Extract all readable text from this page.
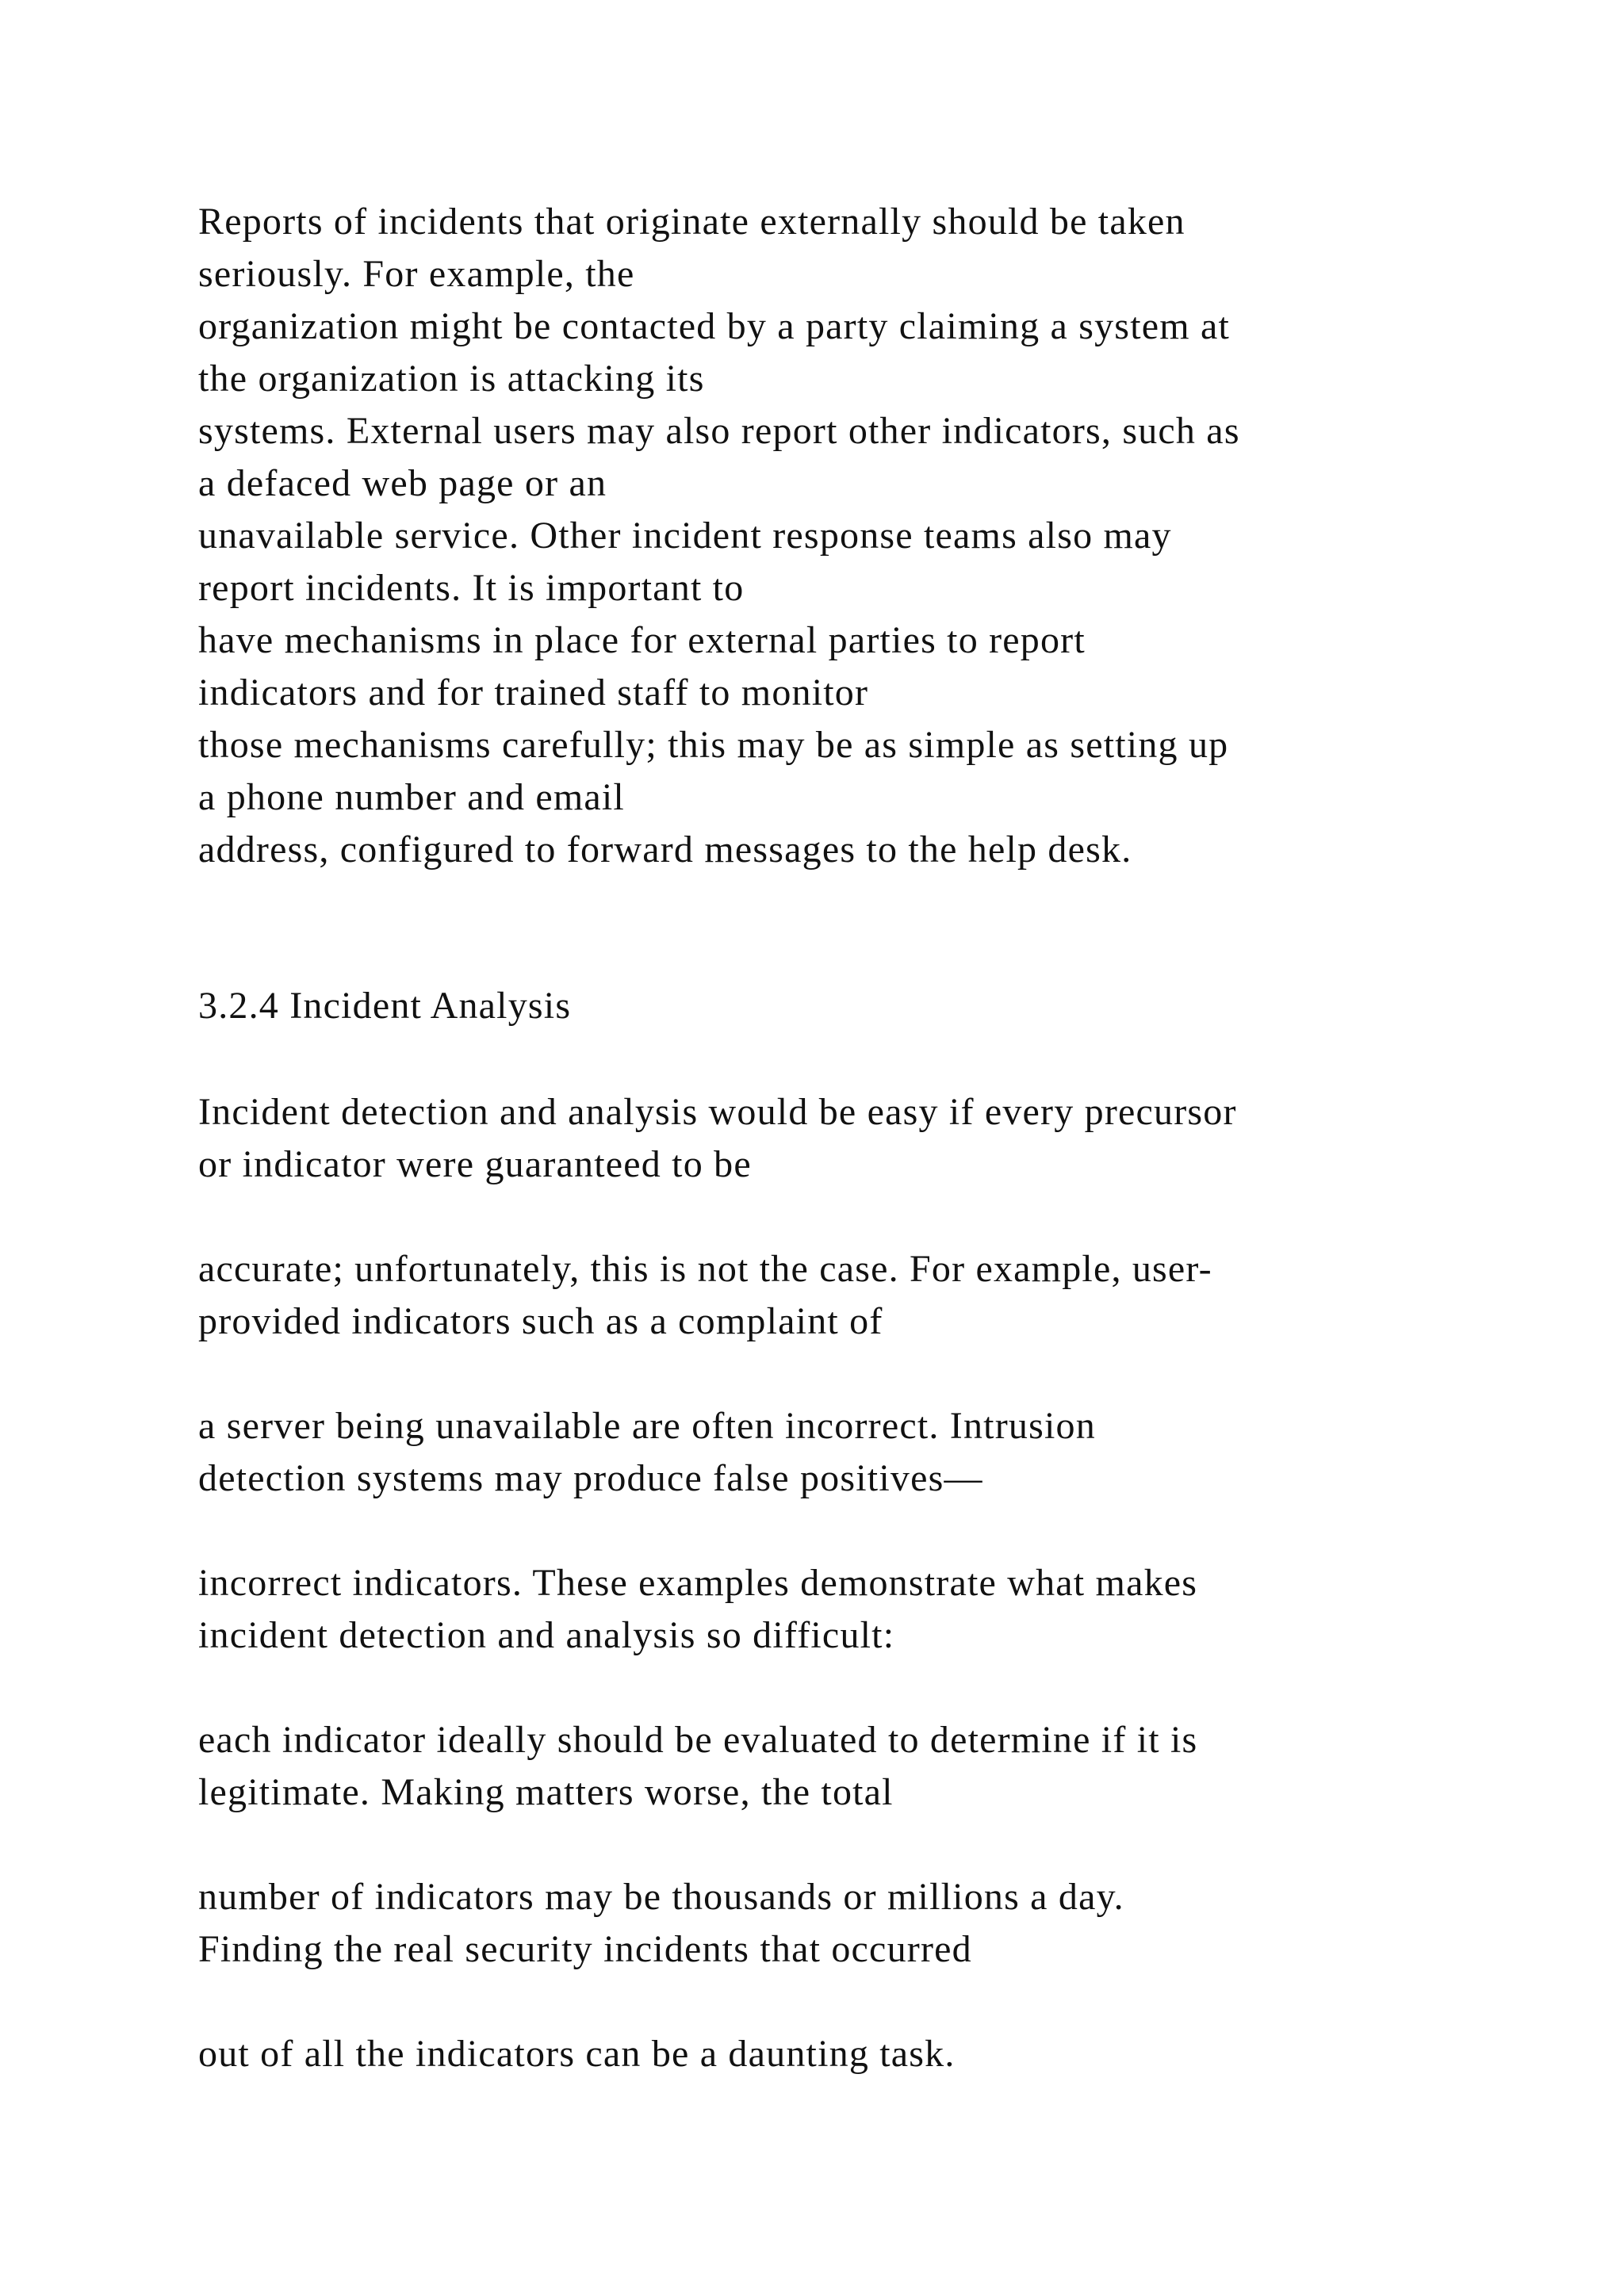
Reports of incidents that originate externally should be taken
seriously. For example, the
organization might be contacted by a party claiming a system at
the organization is attacking its
systems. External users may also report other indicators, such as
a defaced web page or an
unavailable service. Other incident response teams also may
report incidents. It is important to
have mechanisms in place for external parties to report
indicators and for trained staff to monitor
those mechanisms carefully; this may be as simple as setting up
a phone number and email
address, configured to forward messages to the help desk.
3.2.4 Incident Analysis
Incident detection and analysis would be easy if every precursor
or indicator were guaranteed to be
accurate; unfortunately, this is not the case. For example, user-
provided indicators such as a complaint of
a server being unavailable are often incorrect. Intrusion
detection systems may produce false positives—
incorrect indicators. These examples demonstrate what makes
incident detection and analysis so difficult:
each indicator ideally should be evaluated to determine if it is
legitimate. Making matters worse, the total
number of indicators may be thousands or millions a day.
Finding the real security incidents that occurred
out of all the indicators can be a daunting task.
